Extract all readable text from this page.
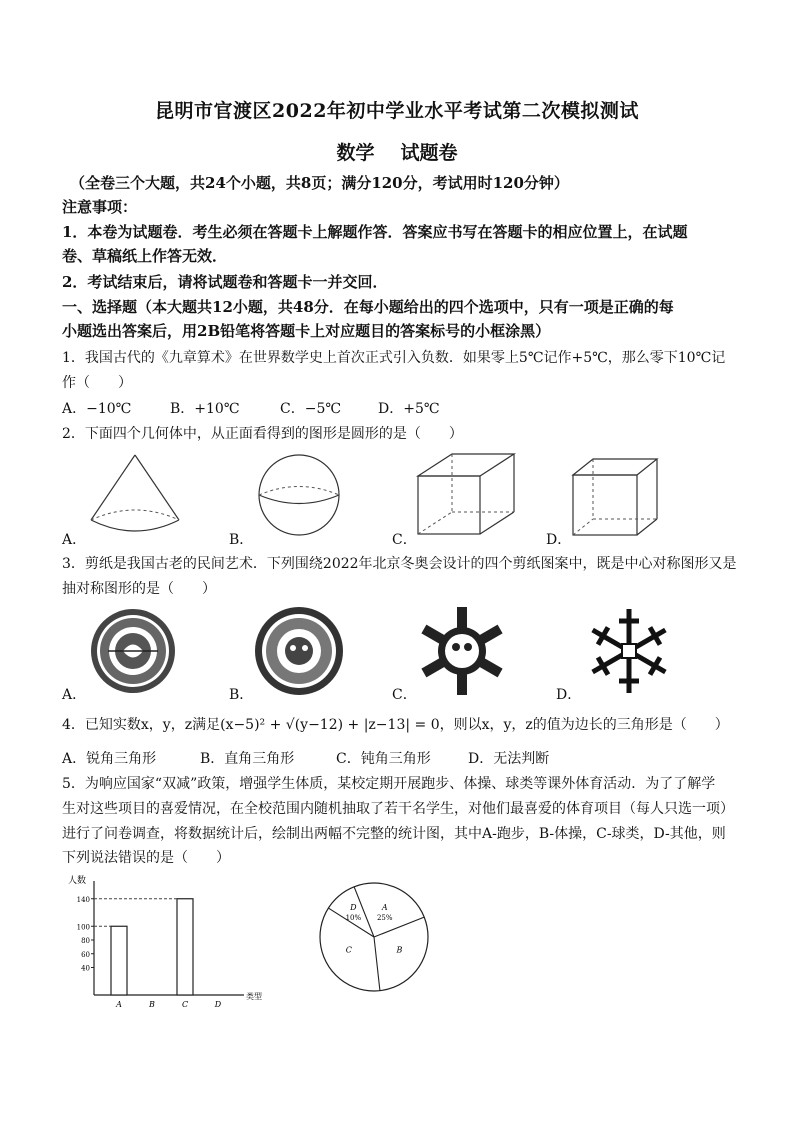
昆明市官渡区2022年初中学业水平考试第二次模拟测试
数学 试题卷
（全卷三个大题，共24个小题，共8页；满分120分，考试用时120分钟）
注意事项：
1．本卷为试题卷．考生必须在答题卡上解题作答．答案应书写在答题卡的相应位置上，在试题
卷、草稿纸上作答无效．
2．考试结束后，请将试题卷和答题卡一并交回．
一、选择题（本大题共12小题，共48分．在每小题给出的四个选项中，只有一项是正确的每
小题选出答案后，用2B铅笔将答题卡上对应题目的答案标号的小框涂黑）
1．我国古代的《九章算术》在世界数学史上首次正式引入负数．如果零上5℃记作+5℃，那么零下10℃记
作（　　）
A．−10℃	B．+10℃	C．−5℃	D．+5℃
2．下面四个几何体中，从正面看得到的图形是圆形的是（　　）
A．	B．	C．	D．
3．剪纸是我国古老的民间艺术．下列围绕2022年北京冬奥会设计的四个剪纸图案中，既是中心对称图形又是
抽对称图形的是（　　）
A．	B．	C．	D．
4．已知实数x，y，z满足(x−5)² + √(y−12) + |z−13| = 0，则以x，y，z的值为边长的三角形是（　　）
A．锐角三角形	B．直角三角形	C．钝角三角形	D．无法判断
5．为响应国家“双减”政策，增强学生体质，某校定期开展跑步、体操、球类等课外体育活动．为了了解学
生对这些项目的喜爱情况，在全校范围内随机抽取了若干名学生，对他们最喜爱的体育项目（每人只选一项）
进行了问卷调查，将数据统计后，绘制出两幅不完整的统计图，其中A-跑步，B-体操，C-球类，D-其他，则
下列说法错误的是（　　）
人数
类型
40
60
80
100
140
A	B	C	D
A
25%
B
C
D
10%
